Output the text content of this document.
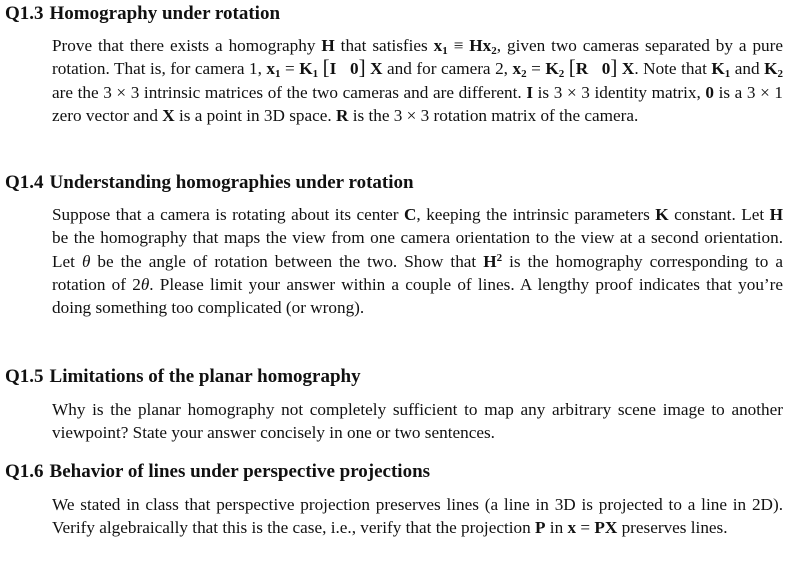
Q1.3 Homography under rotation
Prove that there exists a homography H that satisfies $x_1 \equiv Hx_2$, given two cameras separated by a pure rotation. That is, for camera 1, $x_1 = K_1$ [I 0] X and for camera 2, $x_2 = K_2$ [R 0] X. Note that $K_1$ and $K_2$ are the 3 × 3 intrinsic matrices of the two cameras and are different. I is 3 × 3 identity matrix, 0 is a 3 × 1 zero vector and X is a point in 3D space. R is the 3 × 3 rotation matrix of the camera.
Q1.4 Understanding homographies under rotation
Suppose that a camera is rotating about its center C, keeping the intrinsic parameters K constant. Let H be the homography that maps the view from one camera orientation to the view at a second orientation. Let θ be the angle of rotation between the two. Show that $H^2$ is the homography corresponding to a rotation of 2θ. Please limit your answer within a couple of lines. A lengthy proof indicates that you’re doing something too complicated (or wrong).
Q1.5 Limitations of the planar homography
Why is the planar homography not completely sufficient to map any arbitrary scene image to another viewpoint? State your answer concisely in one or two sentences.
Q1.6 Behavior of lines under perspective projections
We stated in class that perspective projection preserves lines (a line in 3D is projected to a line in 2D). Verify algebraically that this is the case, i.e., verify that the projection P in x = PX preserves lines.
